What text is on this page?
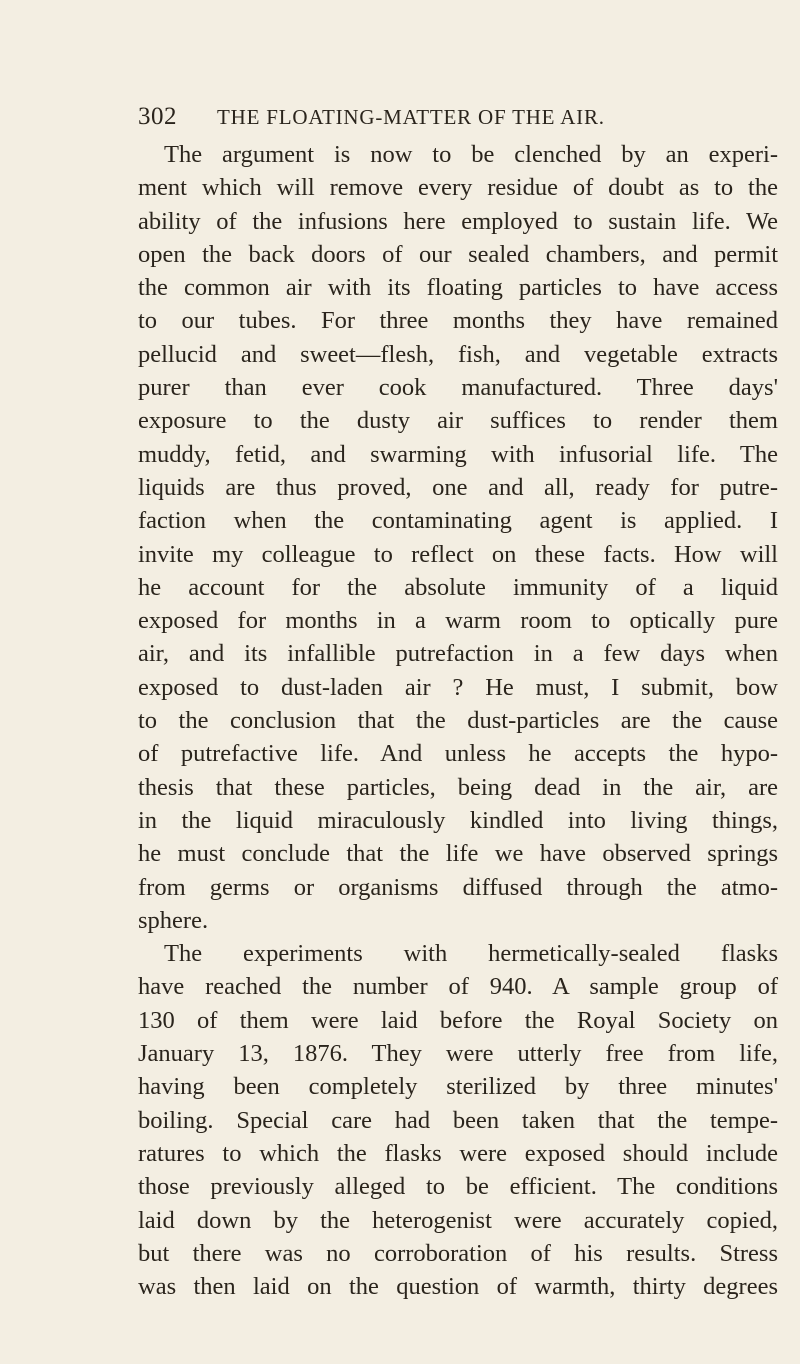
302 THE FLOATING-MATTER OF THE AIR.
The argument is now to be clenched by an experi-
ment which will remove every residue of doubt as to the
ability of the infusions here employed to sustain life. We
open the back doors of our sealed chambers, and permit
the common air with its floating particles to have access
to our tubes. For three months they have remained
pellucid and sweet—flesh, fish, and vegetable extracts
purer than ever cook manufactured. Three days'
exposure to the dusty air suffices to render them
muddy, fetid, and swarming with infusorial life. The
liquids are thus proved, one and all, ready for putre-
faction when the contaminating agent is applied. I
invite my colleague to reflect on these facts. How will
he account for the absolute immunity of a liquid
exposed for months in a warm room to optically pure
air, and its infallible putrefaction in a few days when
exposed to dust-laden air ? He must, I submit, bow
to the conclusion that the dust-particles are the cause
of putrefactive life. And unless he accepts the hypo-
thesis that these particles, being dead in the air, are
in the liquid miraculously kindled into living things,
he must conclude that the life we have observed springs
from germs or organisms diffused through the atmo-
sphere.
The experiments with hermetically-sealed flasks
have reached the number of 940. A sample group of
130 of them were laid before the Royal Society on
January 13, 1876. They were utterly free from life,
having been completely sterilized by three minutes'
boiling. Special care had been taken that the tempe-
ratures to which the flasks were exposed should include
those previously alleged to be efficient. The conditions
laid down by the heterogenist were accurately copied,
but there was no corroboration of his results. Stress
was then laid on the question of warmth, thirty degrees
